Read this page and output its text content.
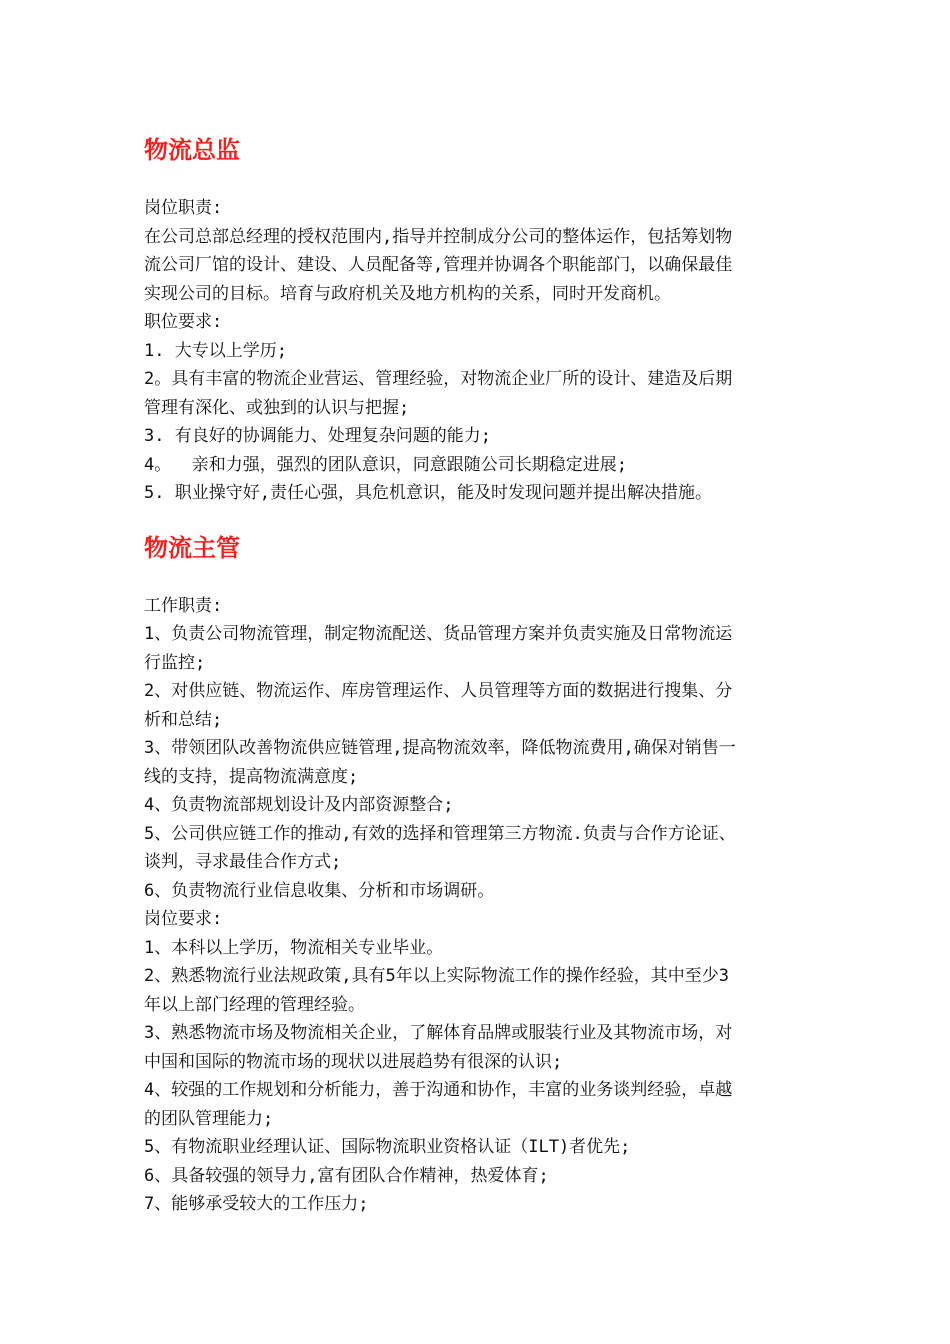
物流总监

岗位职责:

在公司总部总经理的授权范围内,指导并控制成分公司的整体运作，包括筹划物

流公司厂馆的设计、建设、人员配备等,管理并协调各个职能部门，以确保最佳

实现公司的目标。培育与政府机关及地方机构的关系，同时开发商机。

职位要求:

1. 大专以上学历;

2。具有丰富的物流企业营运、管理经验，对物流企业厂所的设计、建造及后期

管理有深化、或独到的认识与把握;

3. 有良好的协调能力、处理复杂问题的能力;

4。  亲和力强，强烈的团队意识，同意跟随公司长期稳定进展;

5. 职业操守好,责任心强，具危机意识，能及时发现问题并提出解决措施。

物流主管

工作职责:

1、负责公司物流管理，制定物流配送、货品管理方案并负责实施及日常物流运

行监控;

2、对供应链、物流运作、库房管理运作、人员管理等方面的数据进行搜集、分

析和总结;

3、带领团队改善物流供应链管理,提高物流效率，降低物流费用,确保对销售一

线的支持，提高物流满意度;

4、负责物流部规划设计及内部资源整合;

5、公司供应链工作的推动,有效的选择和管理第三方物流.负责与合作方论证、

谈判，寻求最佳合作方式;

6、负责物流行业信息收集、分析和市场调研。

岗位要求:

1、本科以上学历，物流相关专业毕业。

2、熟悉物流行业法规政策,具有5年以上实际物流工作的操作经验，其中至少3

年以上部门经理的管理经验。

3、熟悉物流市场及物流相关企业，了解体育品牌或服装行业及其物流市场，对

中国和国际的物流市场的现状以进展趋势有很深的认识;

4、较强的工作规划和分析能力，善于沟通和协作，丰富的业务谈判经验，卓越

的团队管理能力;

5、有物流职业经理认证、国际物流职业资格认证（ILT)者优先;

6、具备较强的领导力,富有团队合作精神，热爱体育;

7、能够承受较大的工作压力;
